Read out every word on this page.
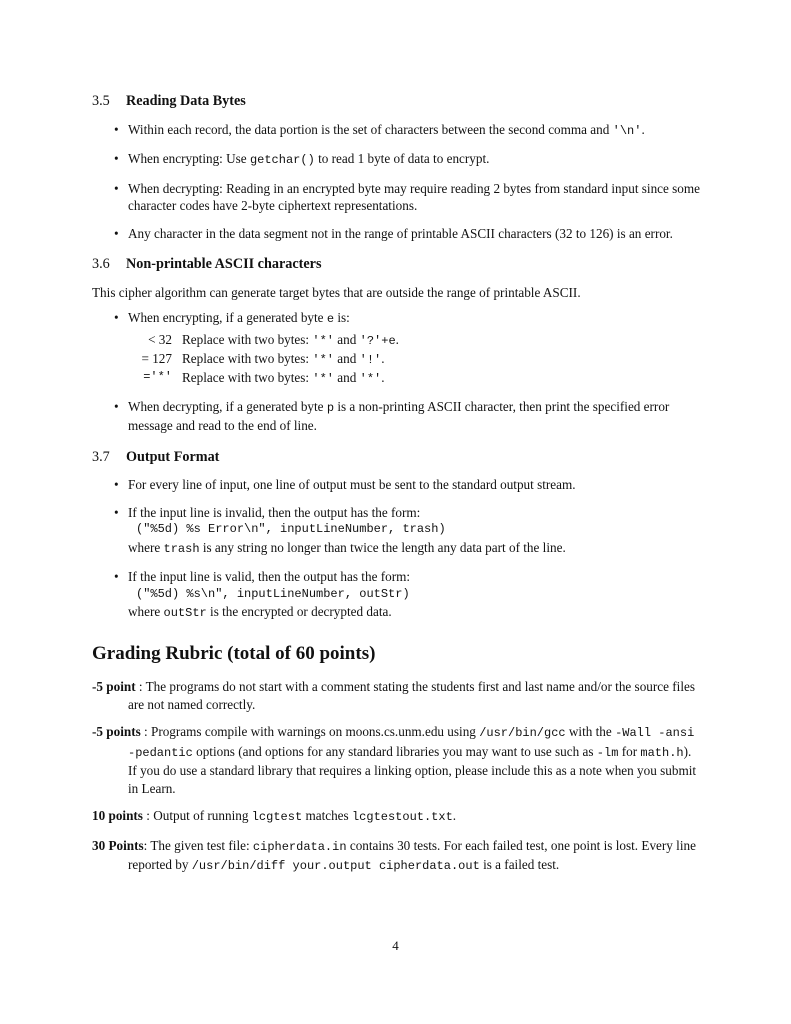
3.5 Reading Data Bytes
• Within each record, the data portion is the set of characters between the second comma and '\n'.
• When encrypting: Use getchar() to read 1 byte of data to encrypt.
• When decrypting: Reading in an encrypted byte may require reading 2 bytes from standard input since some character codes have 2-byte ciphertext representations.
• Any character in the data segment not in the range of printable ASCII characters (32 to 126) is an error.
3.6 Non-printable ASCII characters

This cipher algorithm can generate target bytes that are outside the range of printable ASCII.

• When encrypting, if a generated byte e is:
< 32	Replace with two bytes: '*' and '?'+e.
= 127	Replace with two bytes: '*' and '!'.
='*'	Replace with two bytes: '*' and '*'.
• When decrypting, if a generated byte p is a non-printing ASCII character, then print the specified error message and read to the end of line.
3.7 Output Format
• For every line of input, one line of output must be sent to the standard output stream.
• If the input line is invalid, then the output has the form:
("%5d) %s Error\n", inputLineNumber, trash)
where trash is any string no longer than twice the length any data part of the line.
• If the input line is valid, then the output has the form:
("%5d) %s\n", inputLineNumber, outStr)
where outStr is the encrypted or decrypted data.
Grading Rubric (total of 60 points)
-5 point : The programs do not start with a comment stating the students first and last name and/or the source files are not named correctly.
-5 points : Programs compile with warnings on moons.cs.unm.edu using /usr/bin/gcc with the -Wall -ansi -pedantic options (and options for any standard libraries you may want to use such as -lm for math.h). If you do use a standard library that requires a linking option, please include this as a note when you submit in Learn.
10 points : Output of running lcgtest matches lcgtestout.txt.
30 Points: The given test file: cipherdata.in contains 30 tests. For each failed test, one point is lost. Every line reported by /usr/bin/diff your.output cipherdata.out is a failed test.
4
